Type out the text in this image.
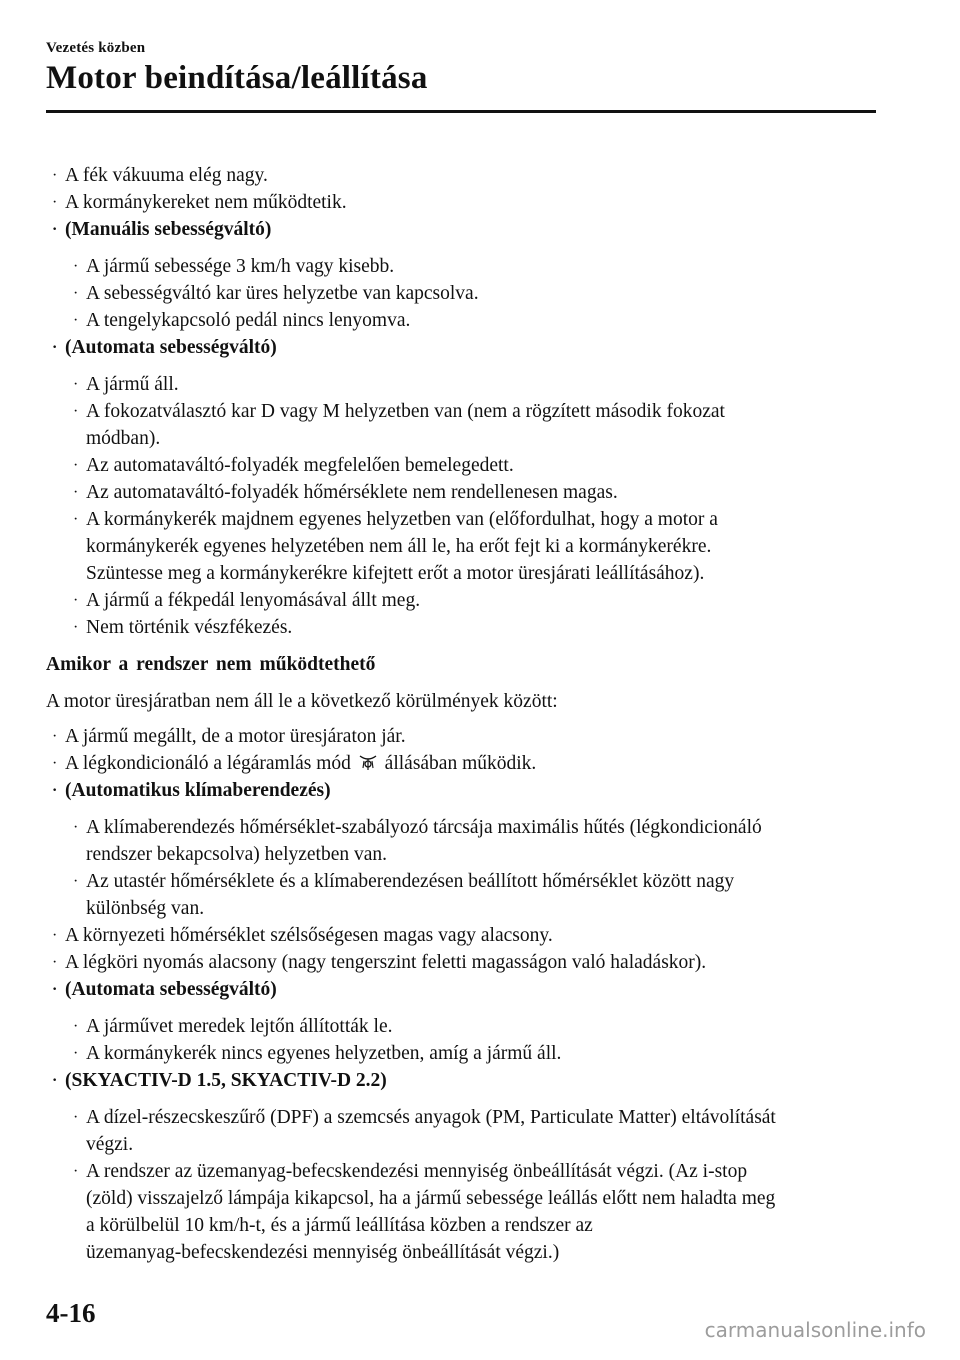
Vezetés közben
Motor beindítása/leállítása
· A fék vákuuma elég nagy.
· A kormánykereket nem működtetik.
· (Manuális sebességváltó)
· A jármű sebessége 3 km/h vagy kisebb.
· A sebességváltó kar üres helyzetbe van kapcsolva.
· A tengelykapcsoló pedál nincs lenyomva.
· (Automata sebességváltó)
· A jármű áll.
· A fokozatválasztó kar D vagy M helyzetben van (nem a rögzített második fokozat
módban).
· Az automataváltó-folyadék megfelelően bemelegedett.
· Az automataváltó-folyadék hőmérséklete nem rendellenesen magas.
· A kormánykerék majdnem egyenes helyzetben van (előfordulhat, hogy a motor a
kormánykerék egyenes helyzetében nem áll le, ha erőt fejt ki a kormánykerékre.
Szüntesse meg a kormánykerékre kifejtett erőt a motor üresjárati leállításához).
· A jármű a fékpedál lenyomásával állt meg.
· Nem történik vészfékezés.
Amikor a rendszer nem működtethető
A motor üresjáratban nem áll le a következő körülmények között:
· A jármű megállt, de a motor üresjáraton jár.
· A légkondicionáló a légáramlás mód állásában működik.
· (Automatikus klímaberendezés)
· A klímaberendezés hőmérséklet-szabályozó tárcsája maximális hűtés (légkondicionáló
rendszer bekapcsolva) helyzetben van.
· Az utastér hőmérséklete és a klímaberendezésen beállított hőmérséklet között nagy
különbség van.
· A környezeti hőmérséklet szélsőségesen magas vagy alacsony.
· A légköri nyomás alacsony (nagy tengerszint feletti magasságon való haladáskor).
· (Automata sebességváltó)
· A járművet meredek lejtőn állították le.
· A kormánykerék nincs egyenes helyzetben, amíg a jármű áll.
· (SKYACTIV-D 1.5, SKYACTIV-D 2.2)
· A dízel-részecskeszűrő (DPF) a szemcsés anyagok (PM, Particulate Matter) eltávolítását
végzi.
· A rendszer az üzemanyag-befecskendezési mennyiség önbeállítását végzi. (Az i-stop
(zöld) visszajelző lámpája kikapcsol, ha a jármű sebessége leállás előtt nem haladta meg
a körülbelül 10 km/h-t, és a jármű leállítása közben a rendszer az
üzemanyag-befecskendezési mennyiség önbeállítását végzi.)
4-16
carmanualsonline.info
